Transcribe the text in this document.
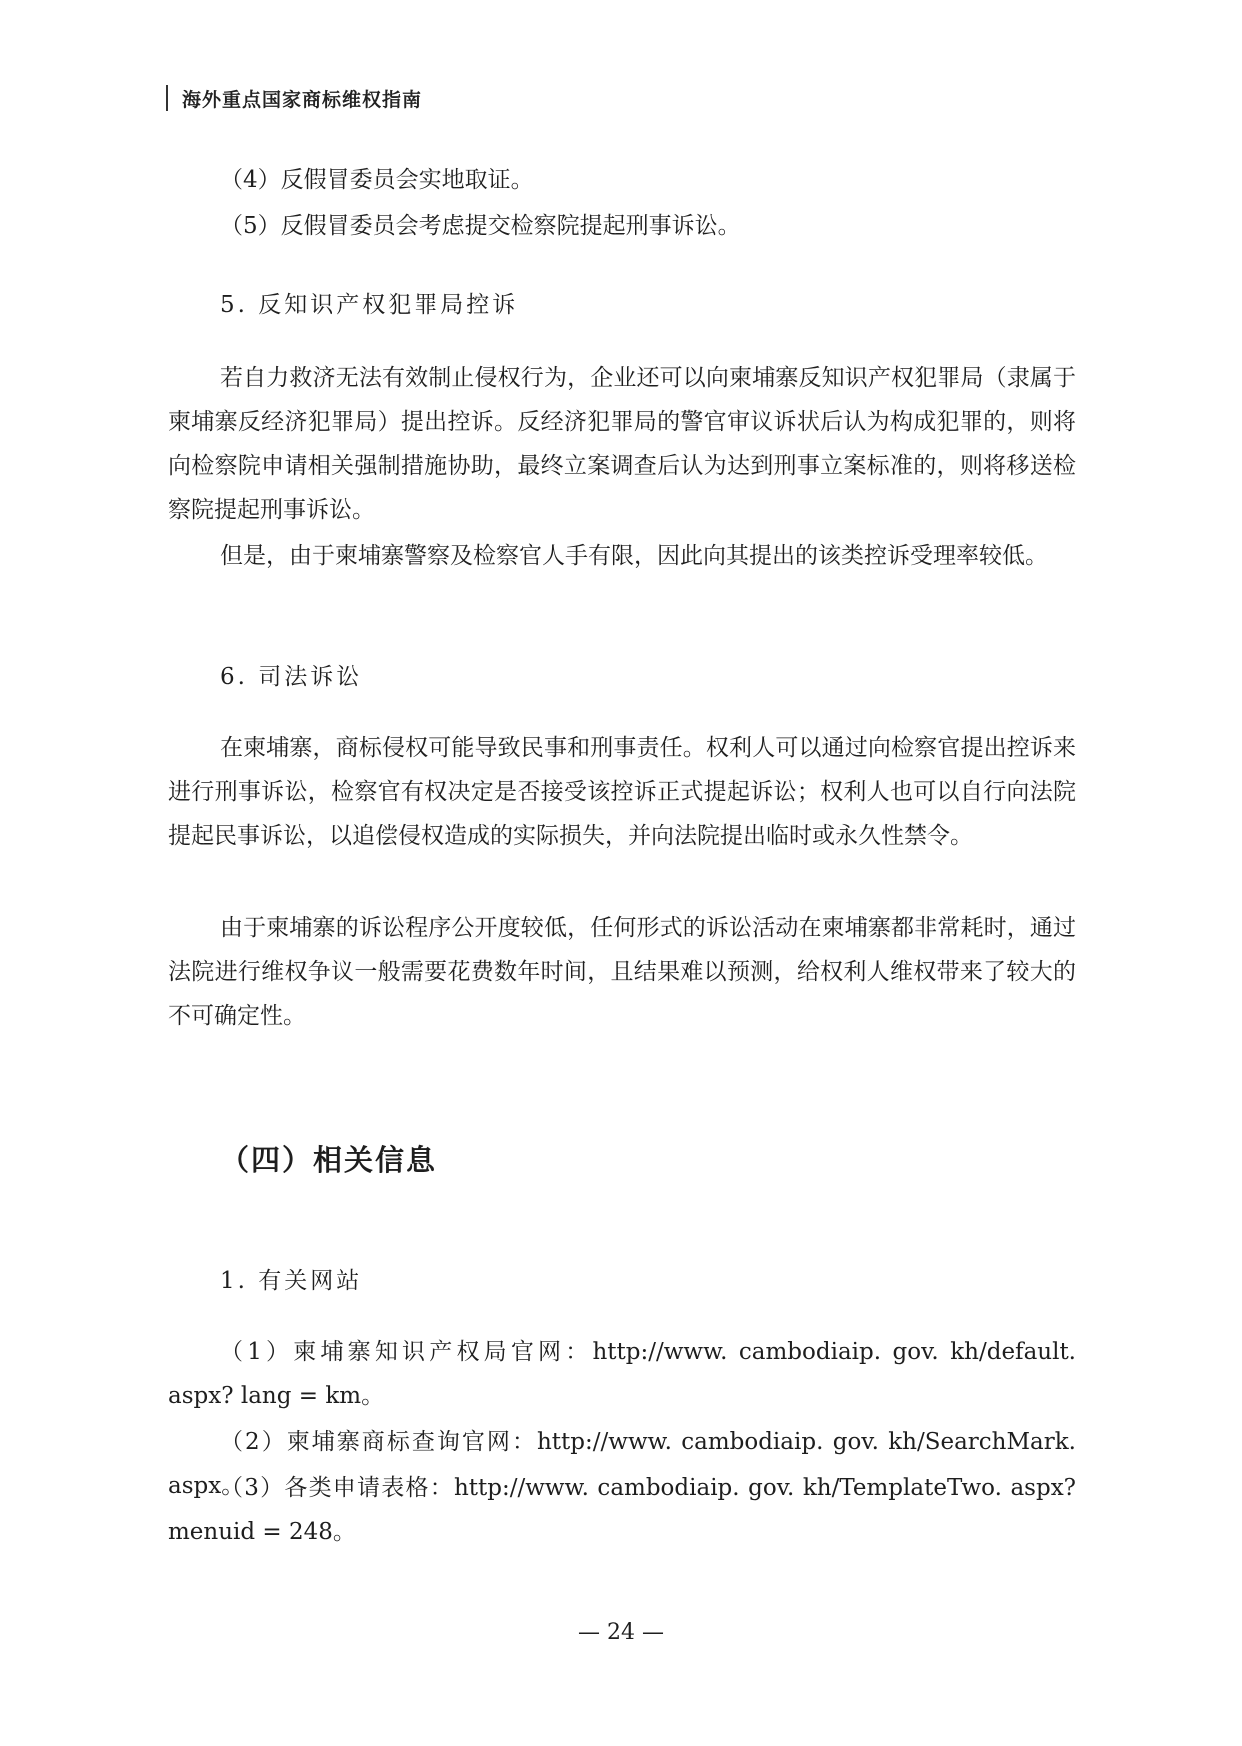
海外重点国家商标维权指南
（4）反假冒委员会实地取证。
（5）反假冒委员会考虑提交检察院提起刑事诉讼。
5. 反知识产权犯罪局控诉
若自力救济无法有效制止侵权行为，企业还可以向柬埔寨反知识产权犯罪局（隶属于柬埔寨反经济犯罪局）提出控诉。反经济犯罪局的警官审议诉状后认为构成犯罪的，则将向检察院申请相关强制措施协助，最终立案调查后认为达到刑事立案标准的，则将移送检察院提起刑事诉讼。
但是，由于柬埔寨警察及检察官人手有限，因此向其提出的该类控诉受理率较低。
6. 司法诉讼
在柬埔寨，商标侵权可能导致民事和刑事责任。权利人可以通过向检察官提出控诉来进行刑事诉讼，检察官有权决定是否接受该控诉正式提起诉讼；权利人也可以自行向法院提起民事诉讼，以追偿侵权造成的实际损失，并向法院提出临时或永久性禁令。
由于柬埔寨的诉讼程序公开度较低，任何形式的诉讼活动在柬埔寨都非常耗时，通过法院进行维权争议一般需要花费数年时间，且结果难以预测，给权利人维权带来了较大的不可确定性。
（四）相关信息
1. 有关网站
（1）柬埔寨知识产权局官网：http://www. cambodiaip. gov. kh/default. aspx? lang = km。
（2）柬埔寨商标查询官网：http://www. cambodiaip. gov. kh/SearchMark. aspx。
（3）各类申请表格：http://www. cambodiaip. gov. kh/TemplateTwo. aspx? menuid = 248。
— 24 —
